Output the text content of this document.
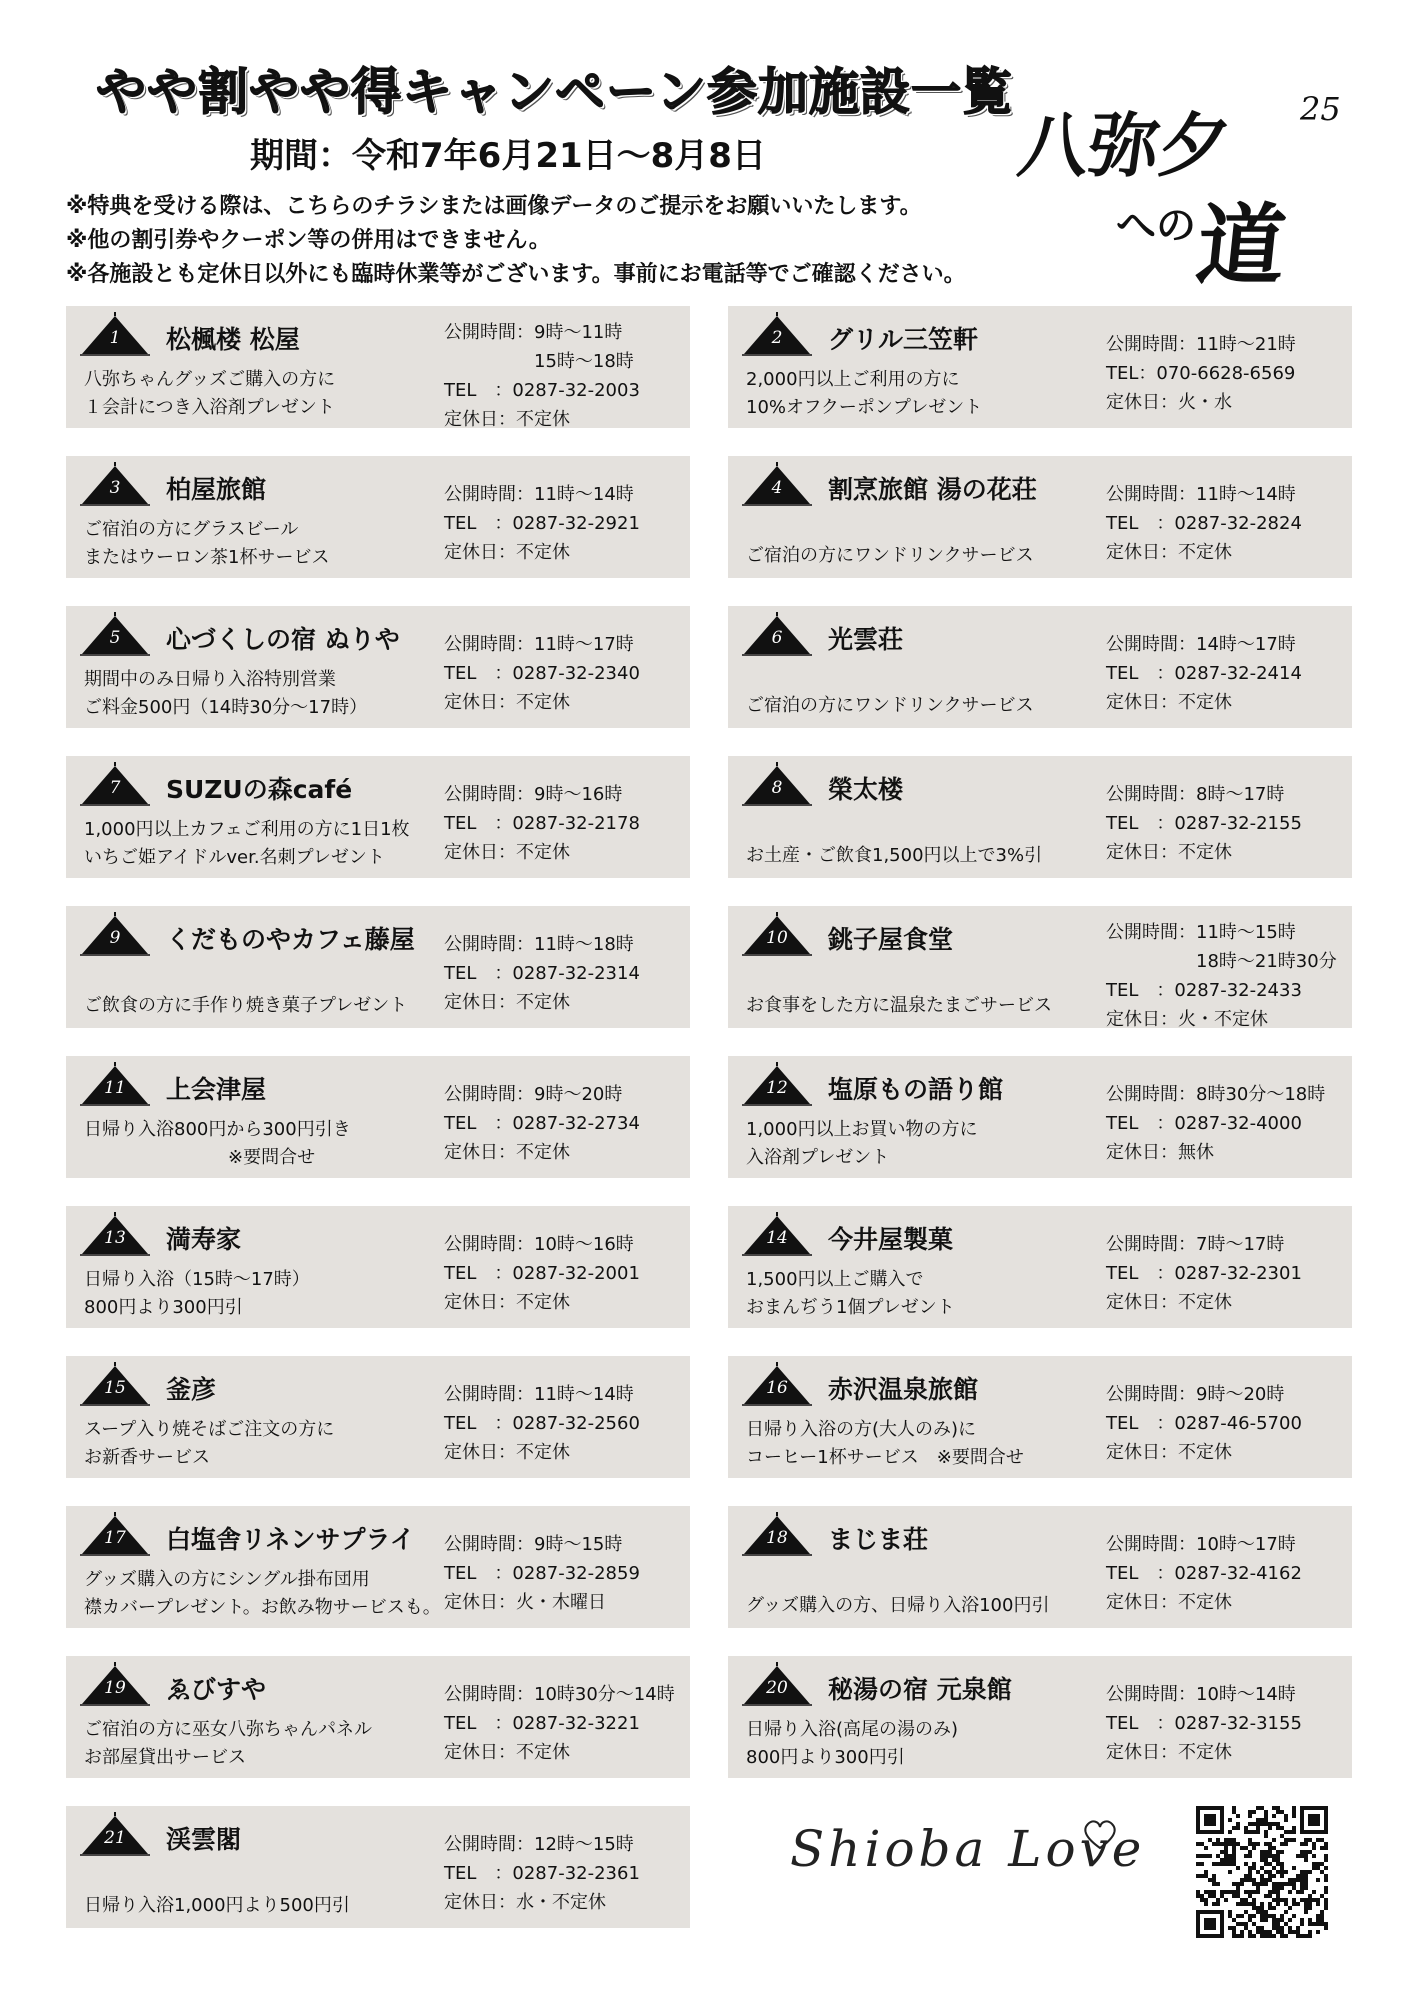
やや割やや得キャンペーン参加施設一覧
期間：令和7年6月21日〜8月8日
※特典を受ける際は、こちらのチラシまたは画像データのご提示をお願いいたします。
※他の割引券やクーポン等の併用はできません。
※各施設とも定休日以外にも臨時休業等がございます。事前にお電話等でご確認ください。
八弥夕 25
への
道
1	松楓楼 松屋
八弥ちゃんグッズご購入の方に
１会計につき入浴剤プレゼント
公開時間：9時〜11時
　　　　　15時〜18時
TEL　：0287-32-2003
定休日：不定休
2	グリル三笠軒
2,000円以上ご利用の方に
10%オフクーポンプレゼント
公開時間：11時〜21時
TEL：070-6628-6569
定休日：火・水
3	柏屋旅館
ご宿泊の方にグラスビール
またはウーロン茶1杯サービス
公開時間：11時〜14時
TEL　：0287-32-2921
定休日：不定休
4	割烹旅館 湯の花荘
ご宿泊の方にワンドリンクサービス
公開時間：11時〜14時
TEL　：0287-32-2824
定休日：不定休
5	心づくしの宿 ぬりや
期間中のみ日帰り入浴特別営業
ご料金500円（14時30分〜17時）
公開時間：11時〜17時
TEL　：0287-32-2340
定休日：不定休
6	光雲荘
ご宿泊の方にワンドリンクサービス
公開時間：14時〜17時
TEL　：0287-32-2414
定休日：不定休
7	SUZUの森café
1,000円以上カフェご利用の方に1日1枚
いちご姫アイドルver.名刺プレゼント
公開時間：9時〜16時
TEL　：0287-32-2178
定休日：不定休
8	榮太楼
お土産・ご飲食1,500円以上で3%引
公開時間：8時〜17時
TEL　：0287-32-2155
定休日：不定休
9	くだものやカフェ藤屋
ご飲食の方に手作り焼き菓子プレゼント
公開時間：11時〜18時
TEL　：0287-32-2314
定休日：不定休
10	銚子屋食堂
お食事をした方に温泉たまごサービス
公開時間：11時〜15時
　　　　　18時〜21時30分
TEL　：0287-32-2433
定休日：火・不定休
11	上会津屋
日帰り入浴800円から300円引き
　　　　　　　　※要問合せ
公開時間：9時〜20時
TEL　：0287-32-2734
定休日：不定休
12	塩原もの語り館
1,000円以上お買い物の方に
入浴剤プレゼント
公開時間：8時30分〜18時
TEL　：0287-32-4000
定休日：無休
13	満寿家
日帰り入浴（15時〜17時）
800円より300円引
公開時間：10時〜16時
TEL　：0287-32-2001
定休日：不定休
14	今井屋製菓
1,500円以上ご購入で
おまんぢう1個プレゼント
公開時間：7時〜17時
TEL　：0287-32-2301
定休日：不定休
15	釜彦
スープ入り焼そばご注文の方に
お新香サービス
公開時間：11時〜14時
TEL　：0287-32-2560
定休日：不定休
16	赤沢温泉旅館
日帰り入浴の方(大人のみ)に
コーヒー1杯サービス　※要問合せ
公開時間：9時〜20時
TEL　：0287-46-5700
定休日：不定休
17	白塩舎リネンサプライ
グッズ購入の方にシングル掛布団用
襟カバープレゼント。お飲み物サービスも。
公開時間：9時〜15時
TEL　：0287-32-2859
定休日：火・木曜日
18	まじま荘
グッズ購入の方、日帰り入浴100円引
公開時間：10時〜17時
TEL　：0287-32-4162
定休日：不定休
19	ゑびすや
ご宿泊の方に巫女八弥ちゃんパネル
お部屋貸出サービス
公開時間：10時30分〜14時
TEL　：0287-32-3221
定休日：不定休
20	秘湯の宿 元泉館
日帰り入浴(高尾の湯のみ)
800円より300円引
公開時間：10時〜14時
TEL　：0287-32-3155
定休日：不定休
21	渓雲閣
日帰り入浴1,000円より500円引
公開時間：12時〜15時
TEL　：0287-32-2361
定休日：水・不定休
Shioba Love
